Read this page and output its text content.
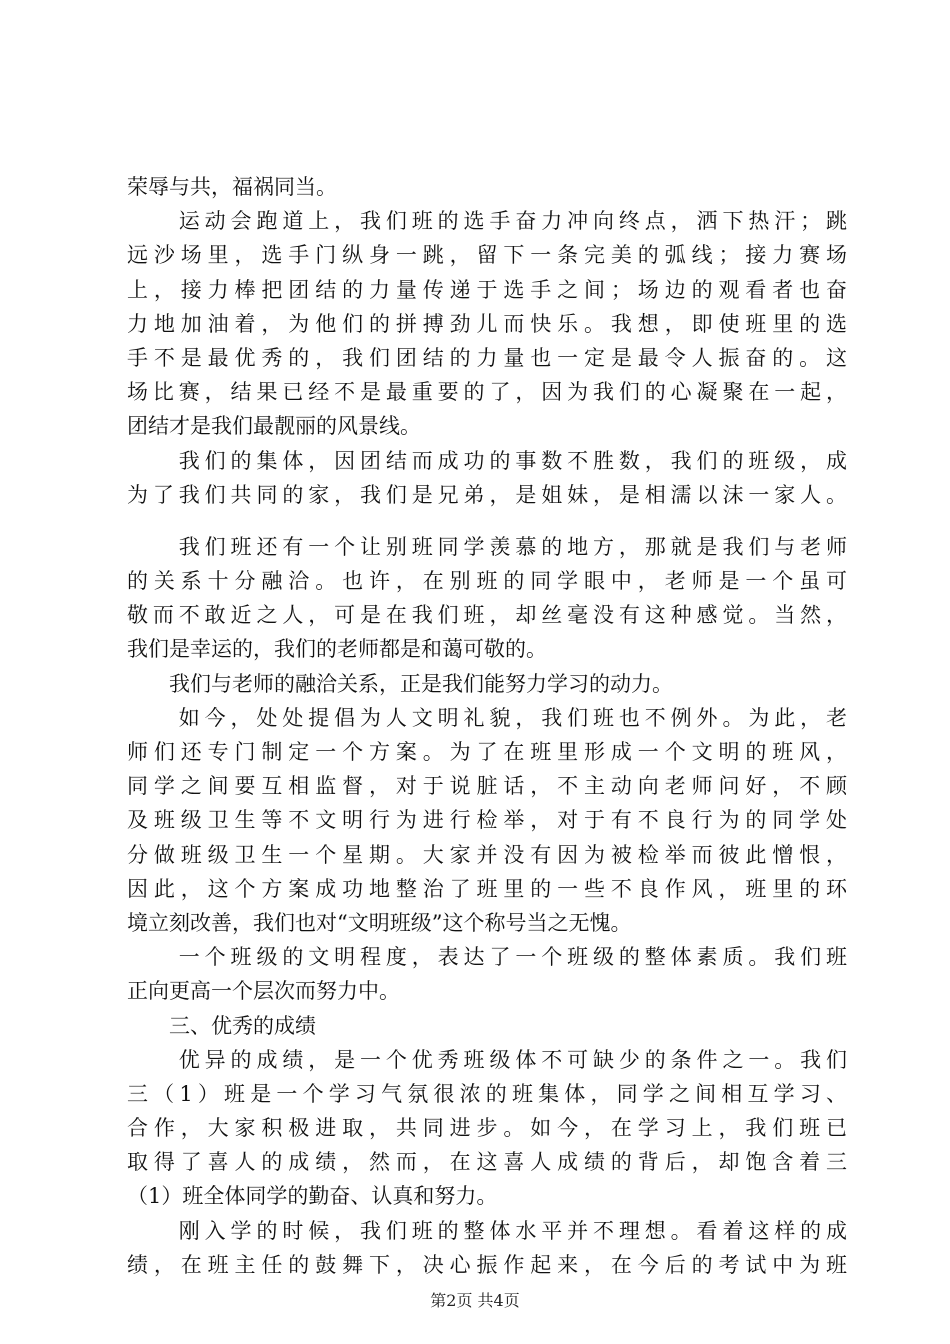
荣辱与共，福祸同当。
　　运动会跑道上，我们班的选手奋力冲向终点，洒下热汗；跳
远沙场里，选手门纵身一跳，留下一条完美的弧线；接力赛场
上，接力棒把团结的力量传递于选手之间；场边的观看者也奋
力地加油着，为他们的拼搏劲儿而快乐。我想，即使班里的选
手不是最优秀的，我们团结的力量也一定是最令人振奋的。这
场比赛，结果已经不是最重要的了，因为我们的心凝聚在一起，
团结才是我们最靓丽的风景线。
　　我们的集体，因团结而成功的事数不胜数，我们的班级，成
为了我们共同的家，我们是兄弟，是姐妹，是相濡以沫一家人。
　　我们班还有一个让别班同学羡慕的地方，那就是我们与老师
的关系十分融洽。也许，在别班的同学眼中，老师是一个虽可
敬而不敢近之人，可是在我们班，却丝毫没有这种感觉。当然，
我们是幸运的，我们的老师都是和蔼可敬的。
　　我们与老师的融洽关系，正是我们能努力学习的动力。
　　如今，处处提倡为人文明礼貌，我们班也不例外。为此，老
师们还专门制定一个方案。为了在班里形成一个文明的班风，
同学之间要互相监督，对于说脏话，不主动向老师问好，不顾
及班级卫生等不文明行为进行检举，对于有不良行为的同学处
分做班级卫生一个星期。大家并没有因为被检举而彼此憎恨，
因此，这个方案成功地整治了班里的一些不良作风，班里的环
境立刻改善，我们也对“文明班级”这个称号当之无愧。
　　一个班级的文明程度，表达了一个班级的整体素质。我们班
正向更高一个层次而努力中。
　　三、优秀的成绩
　　优异的成绩，是一个优秀班级体不可缺少的条件之一。我们
三（1）班是一个学习气氛很浓的班集体，同学之间相互学习、
合作，大家积极进取，共同进步。如今，在学习上，我们班已
取得了喜人的成绩，然而，在这喜人成绩的背后，却饱含着三
（1）班全体同学的勤奋、认真和努力。
　　刚入学的时候，我们班的整体水平并不理想。看着这样的成
绩，在班主任的鼓舞下，决心振作起来，在今后的考试中为班
第2页 共4页
